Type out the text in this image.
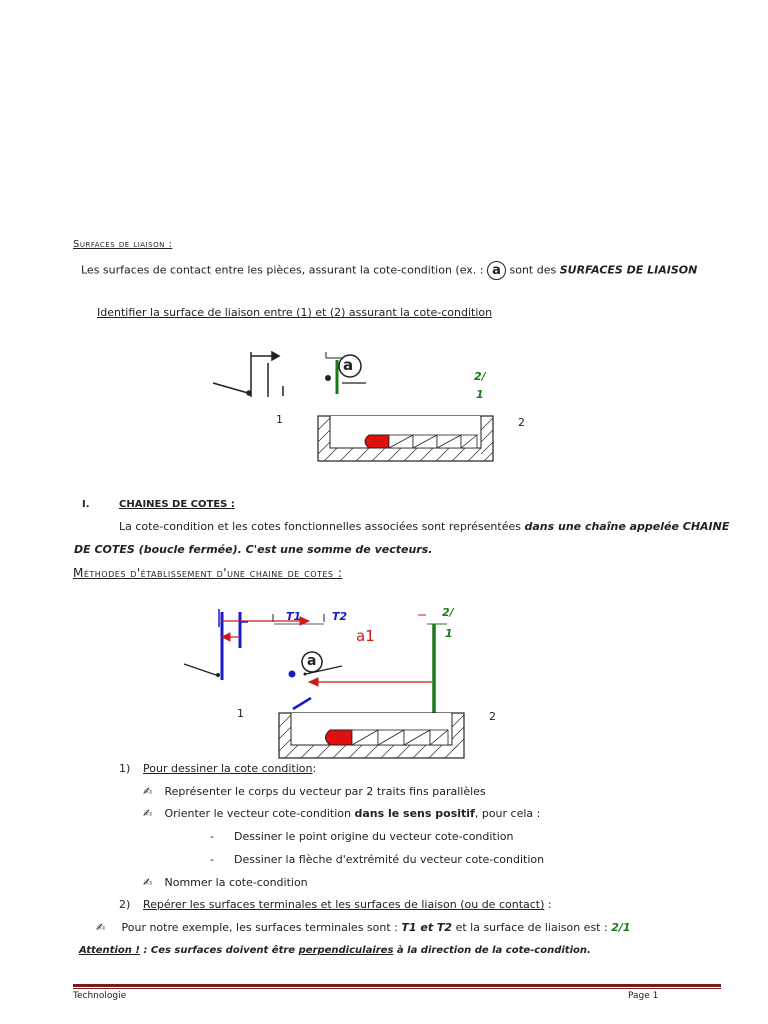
Surfaces de liaison :
Les surfaces de contact entre les pièces, assurant la cote-condition (ex. : a sont des SURFACES DE LIAISON
Identifier la surface de liaison entre (1) et (2) assurant la cote-condition
a
2/
1
1	2
I.	CHAINES DE COTES :
La cote-condition et les cotes fonctionnelles associées sont représentées dans une chaîne appelée CHAINE
DE COTES (boucle fermée). C'est une somme de vecteurs.
Méthodes d'établissement d'une chaine de cotes :
T1	T2
a1
a
2/
1
1	2
1) Pour dessiner la cote condition:
✍ Représenter le corps du vecteur par 2 traits fins parallèles
✍ Orienter le vecteur cote-condition dans le sens positif, pour cela :
- Dessiner le point origine du vecteur cote-condition
- Dessiner la flèche d'extrémité du vecteur cote-condition
✍ Nommer la cote-condition
2) Repérer les surfaces terminales et les surfaces de liaison (ou de contact) :
✍ Pour notre exemple, les surfaces terminales sont : T1 et T2 et la surface de liaison est : 2/1
Attention ! : Ces surfaces doivent être perpendiculaires à la direction de la cote-condition.
Technologie	Page 1
